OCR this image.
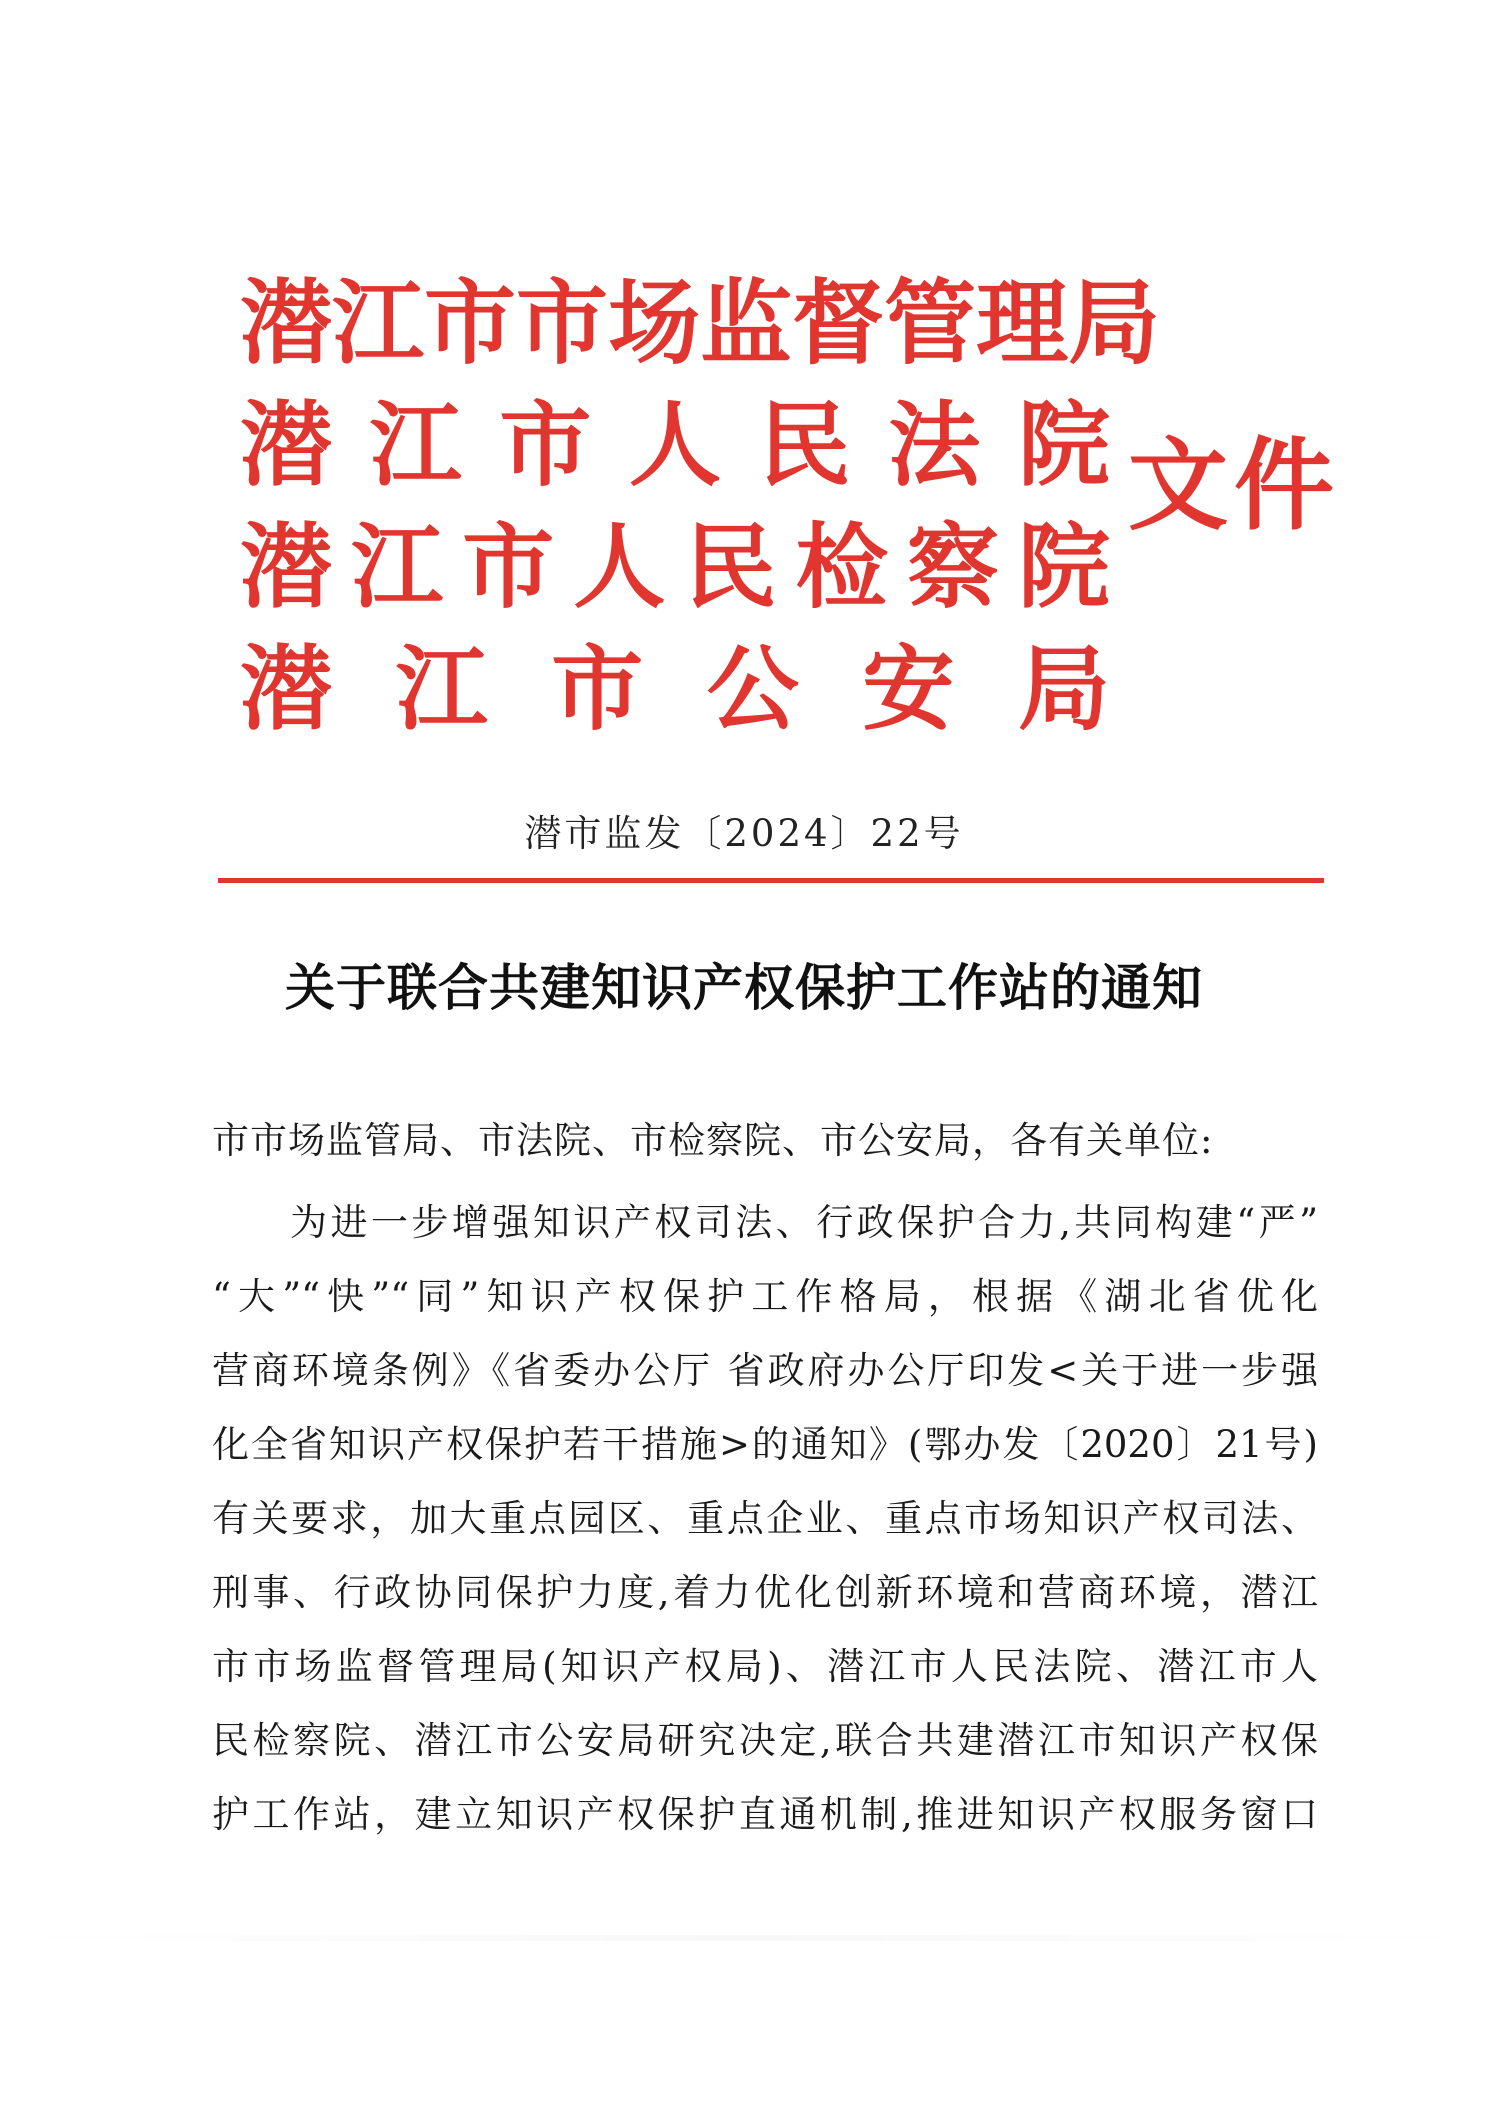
潜 江 市 市 场 监 督 管 理 局
潜 江 市 人 民 法 院
潜 江 市 人 民 检 察 院
潜 江 市 公 安 局
文件
潜市监发〔2024〕22号
关于联合共建知识产权保护工作站的通知
市市场监管局、市法院、市检察院、市公安局，各有关单位:
为进一步增强知识产权司法、行政保护合力,共同构建“严”
“大”“快”“同”知识产权保护工作格局，根据《湖北省优化
营商环境条例》《省委办公厅 省政府办公厅印发<关于进一步强
化全省知识产权保护若干措施>的通知》(鄂办发〔2020〕21号)
有关要求，加大重点园区、重点企业、重点市场知识产权司法、
刑事、行政协同保护力度,着力优化创新环境和营商环境，潜江
市市场监督管理局(知识产权局)、潜江市人民法院、潜江市人
民检察院、潜江市公安局研究决定,联合共建潜江市知识产权保
护工作站，建立知识产权保护直通机制,推进知识产权服务窗口
